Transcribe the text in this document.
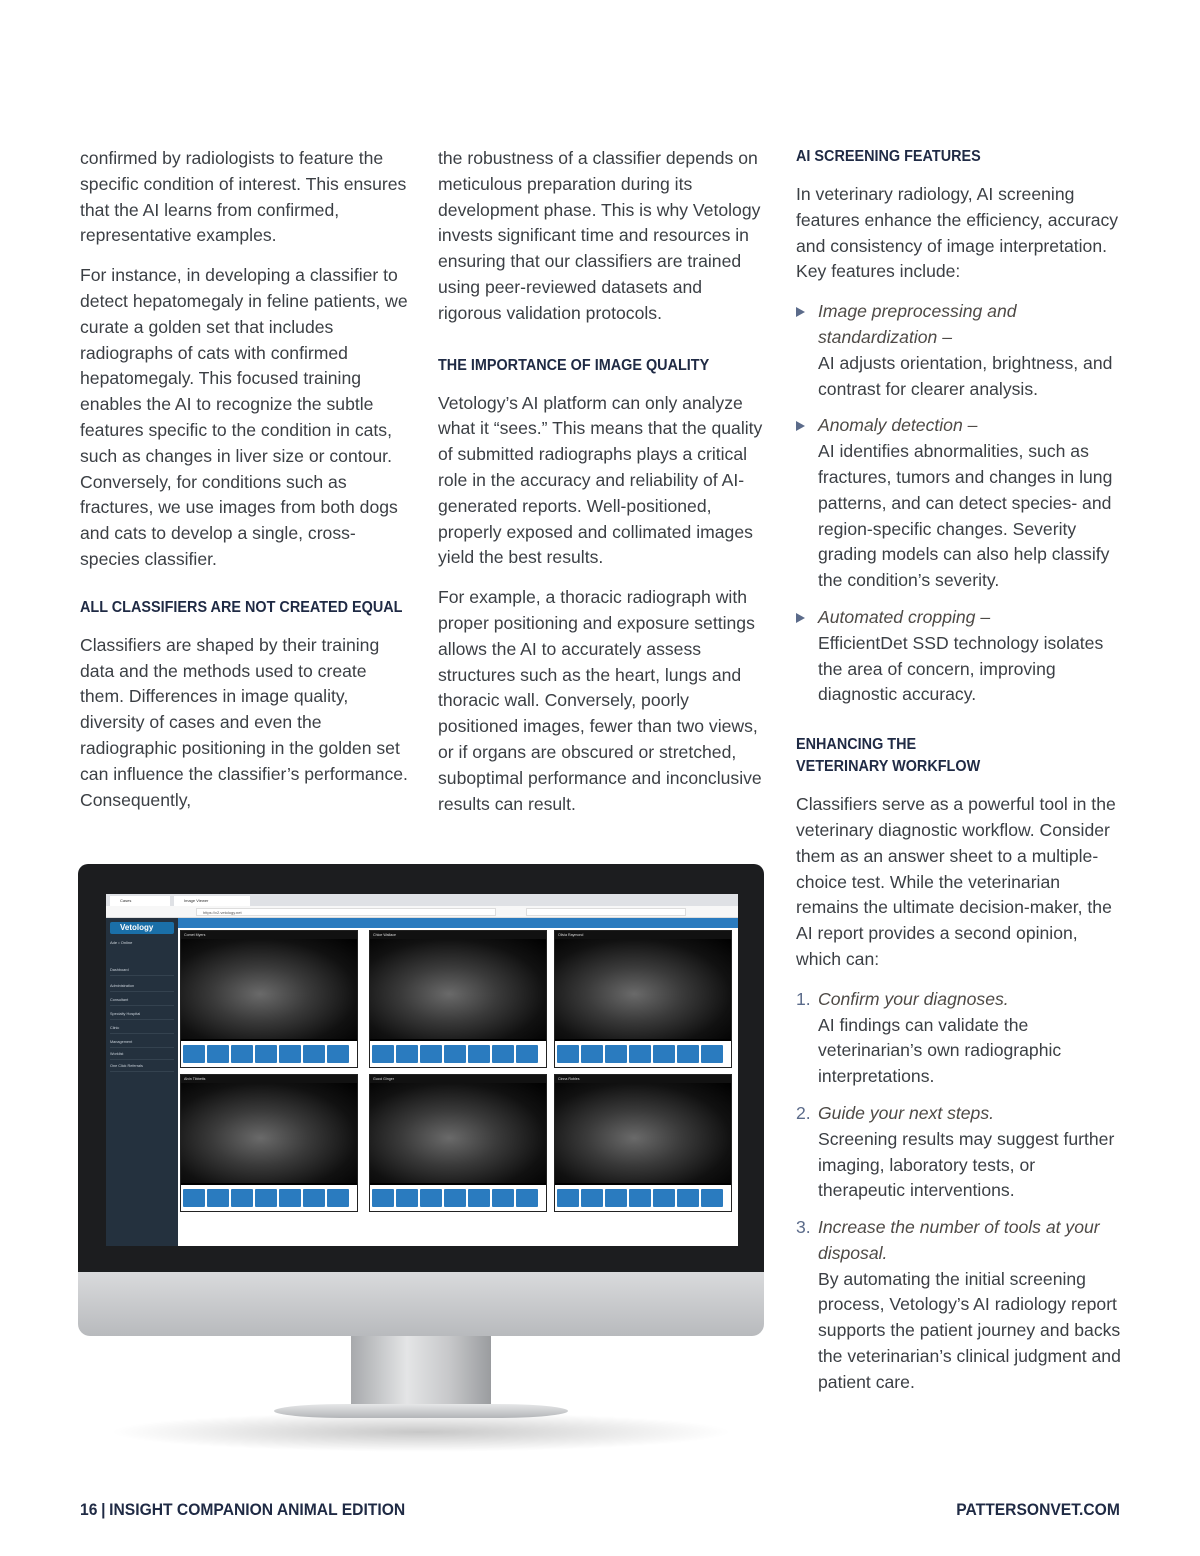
confirmed by radiologists to feature the specific condition of interest. This ensures that the AI learns from confirmed, representative examples.

For instance, in developing a classifier to detect hepatomegaly in feline patients, we curate a golden set that includes radiographs of cats with confirmed hepatomegaly. This focused training enables the AI to recognize the subtle features specific to the condition in cats, such as changes in liver size or contour. Conversely, for conditions such as fractures, we use images from both dogs and cats to develop a single, cross-species classifier.

ALL CLASSIFIERS ARE NOT CREATED EQUAL

Classifiers are shaped by their training data and the methods used to create them. Differences in image quality, diversity of cases and even the radiographic positioning in the golden set can influence the classifier’s performance. Consequently,

the robustness of a classifier depends on meticulous preparation during its development phase. This is why Vetology invests significant time and resources in ensuring that our classifiers are trained using peer-reviewed datasets and rigorous validation protocols.

THE IMPORTANCE OF IMAGE QUALITY

Vetology’s AI platform can only analyze what it “sees.” This means that the quality of submitted radiographs plays a critical role in the accuracy and reliability of AI-generated reports. Well-positioned, properly exposed and collimated images yield the best results.

For example, a thoracic radiograph with proper positioning and exposure settings allows the AI to accurately assess structures such as the heart, lungs and thoracic wall. Conversely, poorly positioned images, fewer than two views, or if organs are obscured or stretched, suboptimal performance and inconclusive results can result.

AI SCREENING FEATURES

In veterinary radiology, AI screening features enhance the efficiency, accuracy and consistency of image interpretation. Key features include:

Image preprocessing and standardization –
AI adjusts orientation, brightness, and contrast for clearer analysis.
Anomaly detection –
AI identifies abnormalities, such as fractures, tumors and changes in lung patterns, and can detect species- and region-specific changes. Severity grading models can also help classify the condition’s severity.
Automated cropping –
EfficientDet SSD technology isolates the area of concern, improving diagnostic accuracy.
ENHANCING THE
VETERINARY WORKFLOW

Classifiers serve as a powerful tool in the veterinary diagnostic workflow. Consider them as an answer sheet to a multiple-choice test. While the veterinarian remains the ultimate decision-maker, the AI report provides a second opinion, which can:

1. Confirm your diagnoses.
AI findings can validate the veterinarian’s own radiographic interpretations.
2. Guide your next steps.
Screening results may suggest further imaging, laboratory tests, or therapeutic interventions.
3. Increase the number of tools at your disposal.
By automating the initial screening process, Vetology’s AI radiology report supports the patient journey and backs the veterinarian’s clinical judgment and patient care.
Cases	Image Viewer
https://v2.vetology.net
Vetology
Ade • Online
Dashboard
Administration
Consultant
Specialty Hospital
Clinic
Management
Worklist
One Click Referrals
Comet Myers	Chloe Wallace	Olivia Raymond
Alvin Tibbetts	Gucci Ginger	Cinna Robles
16 | INSIGHT COMPANION ANIMAL EDITION	PATTERSONVET.COM
